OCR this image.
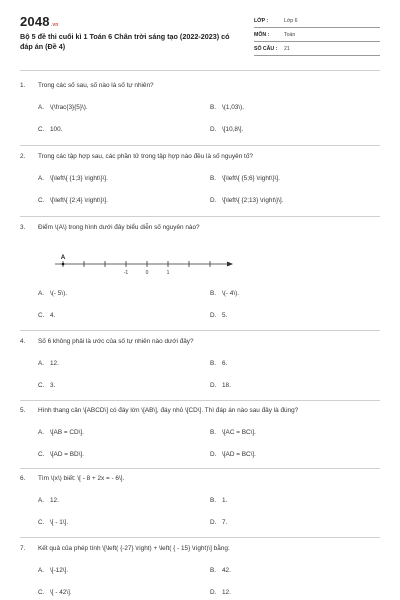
2048.vn
Bộ 5 đề thi cuối kì 1 Toán 6 Chân trời sáng tạo (2022-2023) có đáp án (Đề 4)
LỚP :	Lớp 6
MÔN :	Toán
SỐ CÂU : 21
1. Trong các số sau, số nào là số tự nhiên?
A. \(\frac{3}{5}\).	B. \(1,03\).
C. 100.	D. \[10,8\].
2. Trong các tập hợp sau, các phần tử trong tập hợp nào đều là số nguyên tố?
A. \[\left\{ {1;3} \right\}\].	B. \[\left\{ {5;6} \right\}\].
C. \[\left\{ {2;4} \right\}\].	D. \[\left\{ {2;13} \right\}\].
3. Điểm \(A\) trong hình dưới đây biểu diễn số nguyên nào?
A. \(- 5\).	B. \(- 4\).
C. 4.	D. 5.
-1	0	1
A
4. Số 6 không phải là ước của số tự nhiên nào dưới đây?
A. 12.	B. 6.
C. 3.	D. 18.
5. Hình thang cân \[ABCD\] có đáy lớn \[AB\], đáy nhỏ \[CD\]. Thì đáp án nào sau đây là đúng?
A. \[AB = CD\].	B. \[AC = BC\].
C. \[AD = BD\].	D. \[AD = BC\].
6. Tìm \(x\) biết: \[ - 8 + 2x = - 6\].
A. 12.	B. 1.
C. \[ - 1\].	D. 7.
7. Kết quả của phép tính \[\left( {-27} \right) + \left( { - 15} \right)\] bằng:
A. \[-12\].	B. 42.
C. \[ - 42\].	D. 12.
